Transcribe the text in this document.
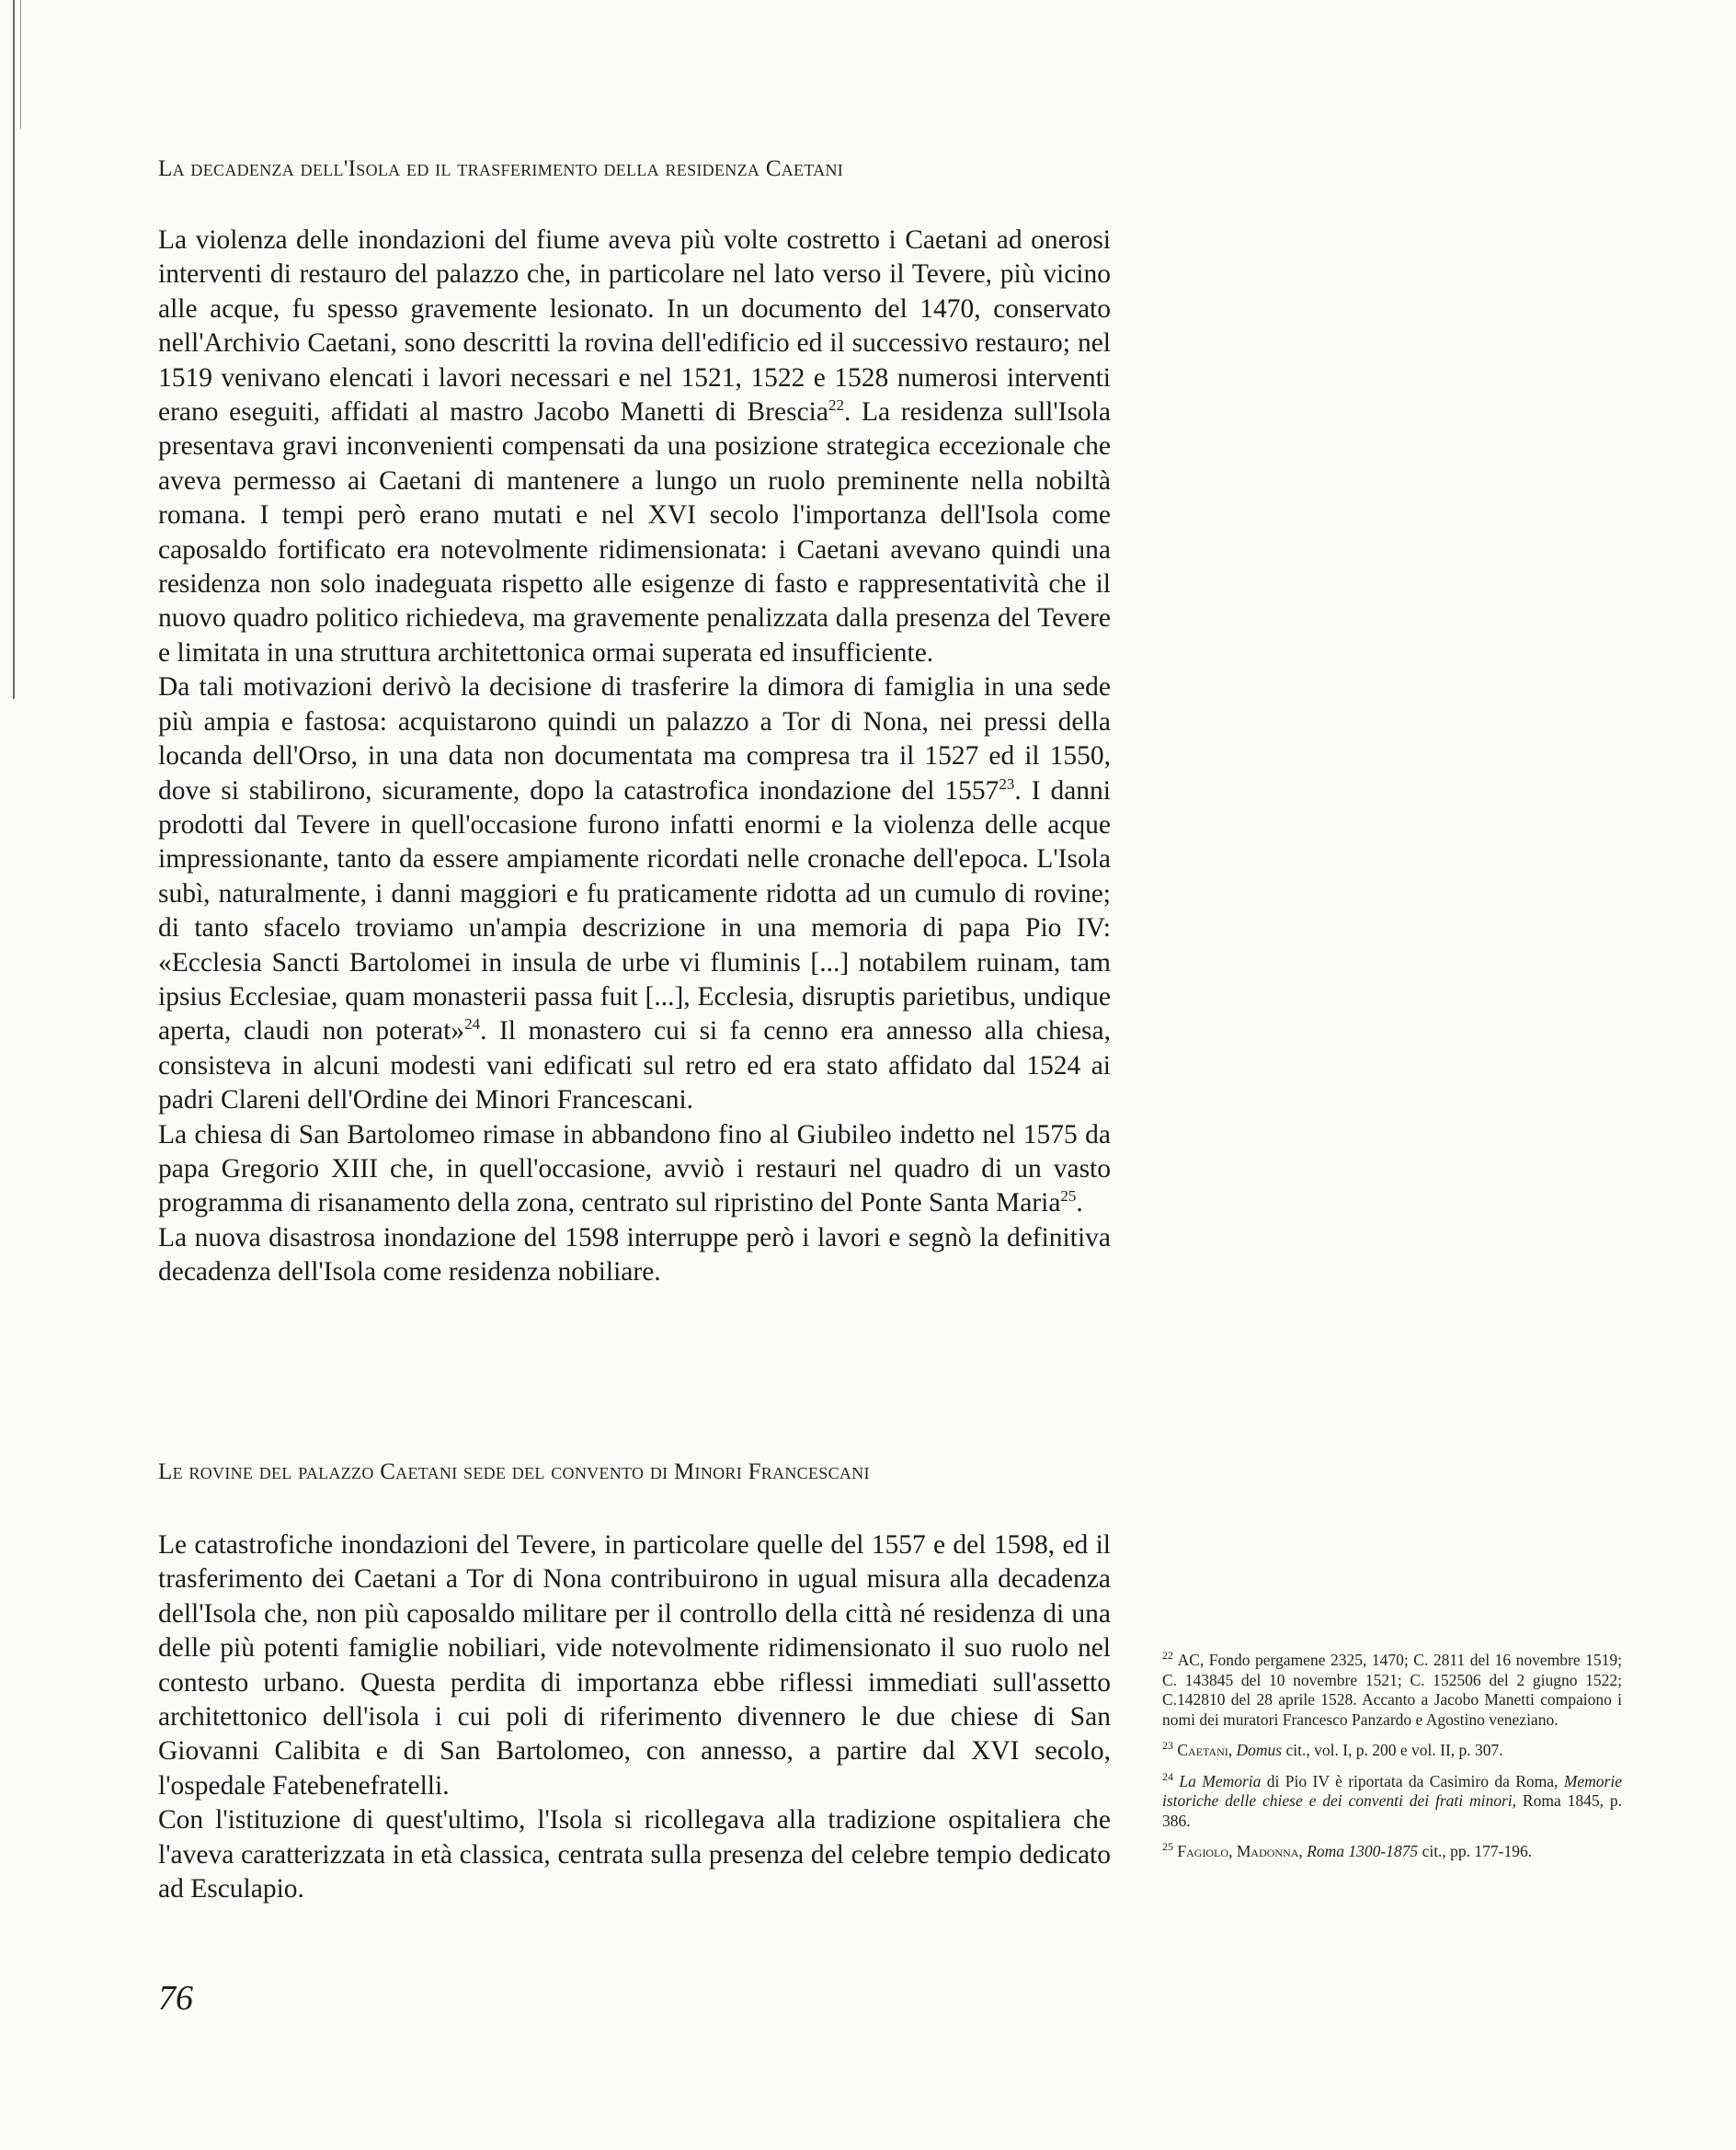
La decadenza dell'Isola ed il trasferimento della residenza Caetani

La violenza delle inondazioni del fiume aveva più volte costretto i Caetani ad onerosi interventi di restauro del palazzo che, in particolare nel lato verso il Tevere, più vicino alle acque, fu spesso gravemente lesionato. In un documento del 1470, conservato nell'Archivio Caetani, sono descritti la rovina dell'edificio ed il successivo restauro; nel 1519 venivano elencati i lavori necessari e nel 1521, 1522 e 1528 numerosi interventi erano eseguiti, affidati al mastro Jacobo Manetti di Brescia$^{22}$. La residenza sull'Isola presentava gravi inconvenienti compensati da una posizione strategica eccezionale che aveva permesso ai Caetani di mantenere a lungo un ruolo preminente nella nobiltà romana. I tempi però erano mutati e nel XVI secolo l'importanza dell'Isola come caposaldo fortificato era notevolmente ridimensionata: i Caetani avevano quindi una residenza non solo inadeguata rispetto alle esigenze di fasto e rappresentatività che il nuovo quadro politico richiedeva, ma gravemente penalizzata dalla presenza del Tevere e limitata in una struttura architettonica ormai superata ed insufficiente.

Da tali motivazioni derivò la decisione di trasferire la dimora di famiglia in una sede più ampia e fastosa: acquistarono quindi un palazzo a Tor di Nona, nei pressi della locanda dell'Orso, in una data non documentata ma compresa tra il 1527 ed il 1550, dove si stabilirono, sicuramente, dopo la catastrofica inondazione del 1557$^{23}$. I danni prodotti dal Tevere in quell'occasione furono infatti enormi e la violenza delle acque impressionante, tanto da essere ampiamente ricordati nelle cronache dell'epoca. L'Isola subì, naturalmente, i danni maggiori e fu praticamente ridotta ad un cumulo di rovine; di tanto sfacelo troviamo un'ampia descrizione in una memoria di papa Pio IV: «Ecclesia Sancti Bartolomei in insula de urbe vi fluminis [...] notabilem ruinam, tam ipsius Ecclesiae, quam monasterii passa fuit [...], Ecclesia, disruptis parietibus, undique aperta, claudi non poterat»$^{24}$. Il monastero cui si fa cenno era annesso alla chiesa, consisteva in alcuni modesti vani edificati sul retro ed era stato affidato dal 1524 ai padri Clareni dell'Ordine dei Minori Francescani.

La chiesa di San Bartolomeo rimase in abbandono fino al Giubileo indetto nel 1575 da papa Gregorio XIII che, in quell'occasione, avviò i restauri nel quadro di un vasto programma di risanamento della zona, centrato sul ripristino del Ponte Santa Maria$^{25}$.

La nuova disastrosa inondazione del 1598 interruppe però i lavori e segnò la definitiva decadenza dell'Isola come residenza nobiliare.

Le rovine del palazzo Caetani sede del convento di Minori Francescani

Le catastrofiche inondazioni del Tevere, in particolare quelle del 1557 e del 1598, ed il trasferimento dei Caetani a Tor di Nona contribuirono in ugual misura alla decadenza dell'Isola che, non più caposaldo militare per il controllo della città né residenza di una delle più potenti famiglie nobiliari, vide notevolmente ridimensionato il suo ruolo nel contesto urbano. Questa perdita di importanza ebbe riflessi immediati sull'assetto architettonico dell'isola i cui poli di riferimento divennero le due chiese di San Giovanni Calibita e di San Bartolomeo, con annesso, a partire dal XVI secolo, l'ospedale Fatebenefratelli.

Con l'istituzione di quest'ultimo, l'Isola si ricollegava alla tradizione ospitaliera che l'aveva caratterizzata in età classica, centrata sulla presenza del celebre tempio dedicato ad Esculapio.

$^{22}$ AC, Fondo pergamene 2325, 1470; C. 2811 del 16 novembre 1519; C. 143845 del 10 novembre 1521; C. 152506 del 2 giugno 1522; C.142810 del 28 aprile 1528. Accanto a Jacobo Manetti compaiono i nomi dei muratori Francesco Panzardo e Agostino veneziano.

$^{23}$ Caetani, Domus cit., vol. I, p. 200 e vol. II, p. 307.

$^{24}$ La Memoria di Pio IV è riportata da Casimiro da Roma, Memorie istoriche delle chiese e dei conventi dei frati minori, Roma 1845, p. 386.

$^{25}$ Fagiolo, Madonna, Roma 1300-1875 cit., pp. 177-196.

76
